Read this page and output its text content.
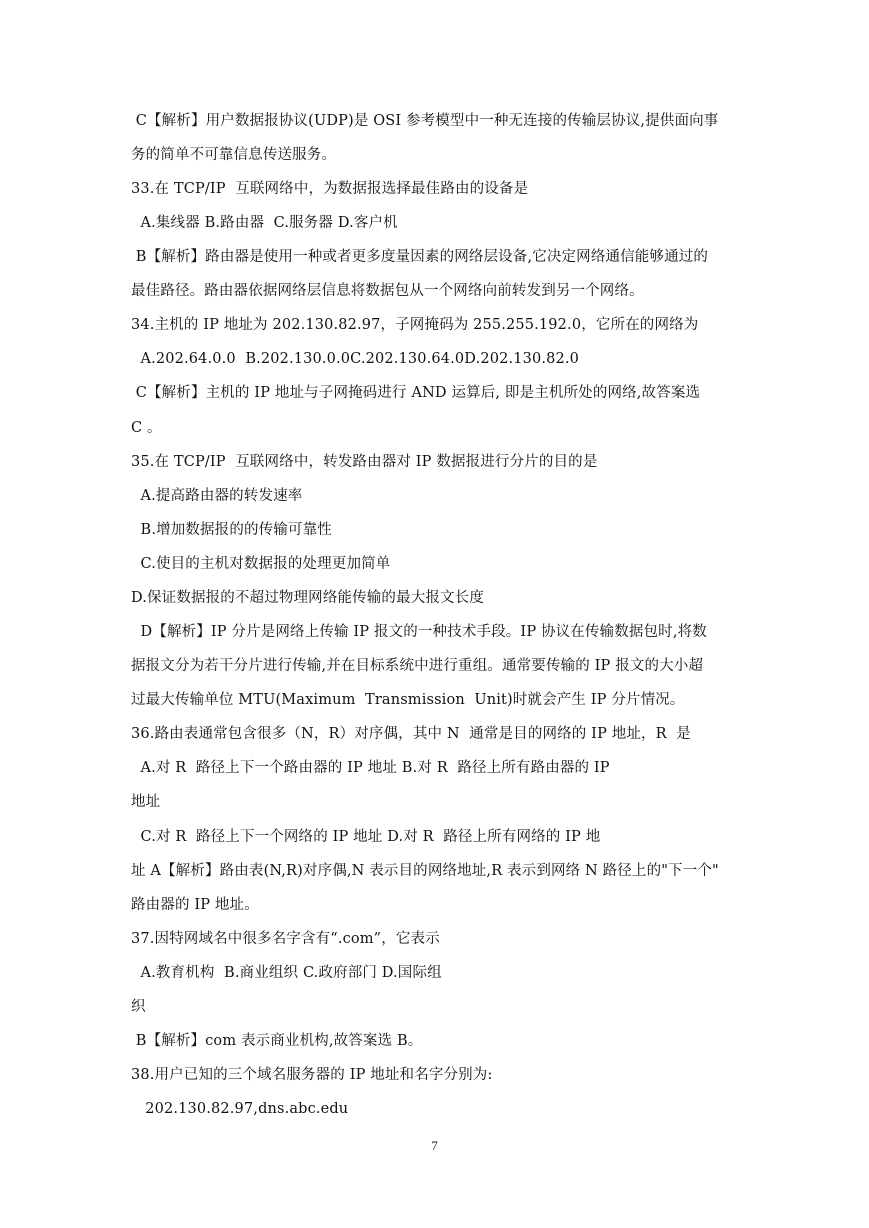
C【解析】用户数据报协议(UDP)是 OSI 参考模型中一种无连接的传输层协议,提供面向事
务的简单不可靠信息传送服务。
33.在 TCP/IP  互联网络中，为数据报选择最佳路由的设备是
A.集线器 B.路由器  C.服务器 D.客户机
B【解析】路由器是使用一种或者更多度量因素的网络层设备,它决定网络通信能够通过的
最佳路径。路由器依据网络层信息将数据包从一个网络向前转发到另一个网络。
34.主机的 IP 地址为 202.130.82.97，子网掩码为 255.255.192.0，它所在的网络为
A.202.64.0.0  B.202.130.0.0C.202.130.64.0D.202.130.82.0
C【解析】主机的 IP 地址与子网掩码进行 AND 运算后, 即是主机所处的网络,故答案选
C 。
35.在 TCP/IP  互联网络中，转发路由器对 IP 数据报进行分片的目的是
A.提高路由器的转发速率
B.增加数据报的的传输可靠性
C.使目的主机对数据报的处理更加简单
D.保证数据报的不超过物理网络能传输的最大报文长度
D【解析】IP 分片是网络上传输 IP 报文的一种技术手段。IP 协议在传输数据包时,将数
据报文分为若干分片进行传输,并在目标系统中进行重组。通常要传输的 IP 报文的大小超
过最大传输单位 MTU(Maximum  Transmission  Unit)时就会产生 IP 分片情况。
36.路由表通常包含很多（N，R）对序偶，其中 N  通常是目的网络的 IP 地址，R  是
A.对 R  路径上下一个路由器的 IP 地址 B.对 R  路径上所有路由器的 IP
地址
C.对 R  路径上下一个网络的 IP 地址 D.对 R  路径上所有网络的 IP 地
址 A【解析】路由表(N,R)对序偶,N 表示目的网络地址,R 表示到网络 N 路径上的"下一个"
路由器的 IP 地址。
37.因特网域名中很多名字含有“.com”，它表示
A.教育机构  B.商业组织 C.政府部门 D.国际组
织
B【解析】com 表示商业机构,故答案选 B。
38.用户已知的三个域名服务器的 IP 地址和名字分别为:
202.130.82.97,dns.abc.edu
7
